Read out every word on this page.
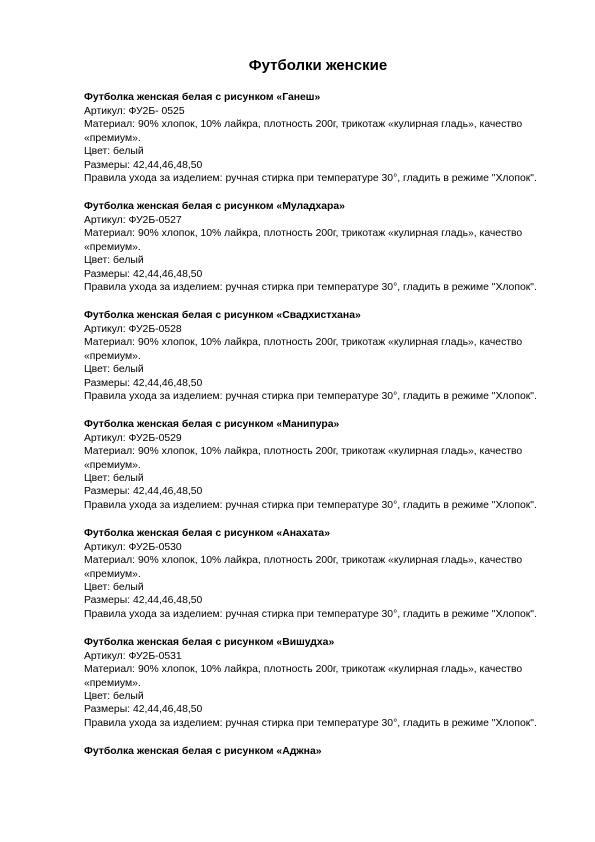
Футболки женские
Футболка женская белая с рисунком «Ганеш»

Артикул: ФУ2Б- 0525

Материал: 90% хлопок, 10% лайкра, плотность 200г, трикотаж «кулирная гладь», качество «премиум».

Цвет: белый

Размеры: 42,44,46,48,50

Правила ухода за изделием: ручная стирка при температуре 30°, гладить в режиме "Хлопок".

Футболка женская белая с рисунком «Муладхара»

Артикул: ФУ2Б-0527

Материал: 90% хлопок, 10% лайкра, плотность 200г, трикотаж «кулирная гладь», качество «премиум».

Цвет: белый

Размеры: 42,44,46,48,50

Правила ухода за изделием: ручная стирка при температуре 30°, гладить в режиме "Хлопок".

Футболка женская белая с рисунком «Свадхистхана»

Артикул: ФУ2Б-0528

Материал: 90% хлопок, 10% лайкра, плотность 200г, трикотаж «кулирная гладь», качество «премиум».

Цвет: белый

Размеры: 42,44,46,48,50

Правила ухода за изделием: ручная стирка при температуре 30°, гладить в режиме "Хлопок".

Футболка женская белая с рисунком «Манипура»

Артикул: ФУ2Б-0529

Материал: 90% хлопок, 10% лайкра, плотность 200г, трикотаж «кулирная гладь», качество «премиум».

Цвет: белый

Размеры: 42,44,46,48,50

Правила ухода за изделием: ручная стирка при температуре 30°, гладить в режиме "Хлопок".

Футболка женская белая с рисунком «Анахата»

Артикул: ФУ2Б-0530

Материал: 90% хлопок, 10% лайкра, плотность 200г, трикотаж «кулирная гладь», качество «премиум».

Цвет: белый

Размеры: 42,44,46,48,50

Правила ухода за изделием: ручная стирка при температуре 30°, гладить в режиме "Хлопок".

Футболка женская белая с рисунком «Вишудха»

Артикул: ФУ2Б-0531

Материал: 90% хлопок, 10% лайкра, плотность 200г, трикотаж «кулирная гладь», качество «премиум».

Цвет: белый

Размеры: 42,44,46,48,50

Правила ухода за изделием: ручная стирка при температуре 30°, гладить в режиме "Хлопок".

Футболка женская белая с рисунком «Аджна»
